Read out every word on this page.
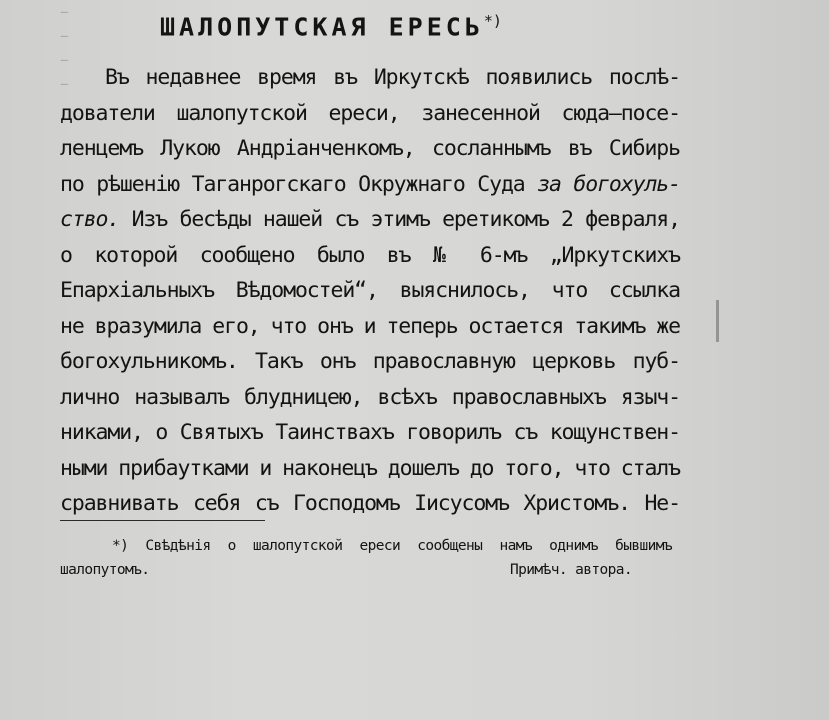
–
–
–
–
ШАЛОПУТСКАЯ ЕРЕСЬ*)
Въ недавнее время въ Иркутскѣ появились послѣ-
дователи шалопутской ереси, занесенной сюда—посе-
ленцемъ Лукою Андріанченкомъ, сосланнымъ въ Сибирь
по рѣшенію Таганрогскаго Окружнаго Суда за богохуль-
ство. Изъ бесѣды нашей съ этимъ еретикомъ 2 февраля,
о которой сообщено было въ № 6-мъ „Иркутскихъ
Епархіальныхъ Вѣдомостей“, выяснилось, что ссылка
не вразумила его, что онъ и теперь остается такимъ же
богохульникомъ. Такъ онъ православную церковь пуб-
лично называлъ блудницею, всѣхъ православныхъ языч-
никами, о Святыхъ Таинствахъ говорилъ съ кощунствен-
ными прибаутками и наконецъ дошелъ до того, что сталъ
сравнивать себя съ Господомъ Іисусомъ Христомъ. Не-
*) Свѣдѣнія о шалопутской ереси сообщены намъ однимъ бывшимъ
шалопутомъ.	Примѣч. автора.
